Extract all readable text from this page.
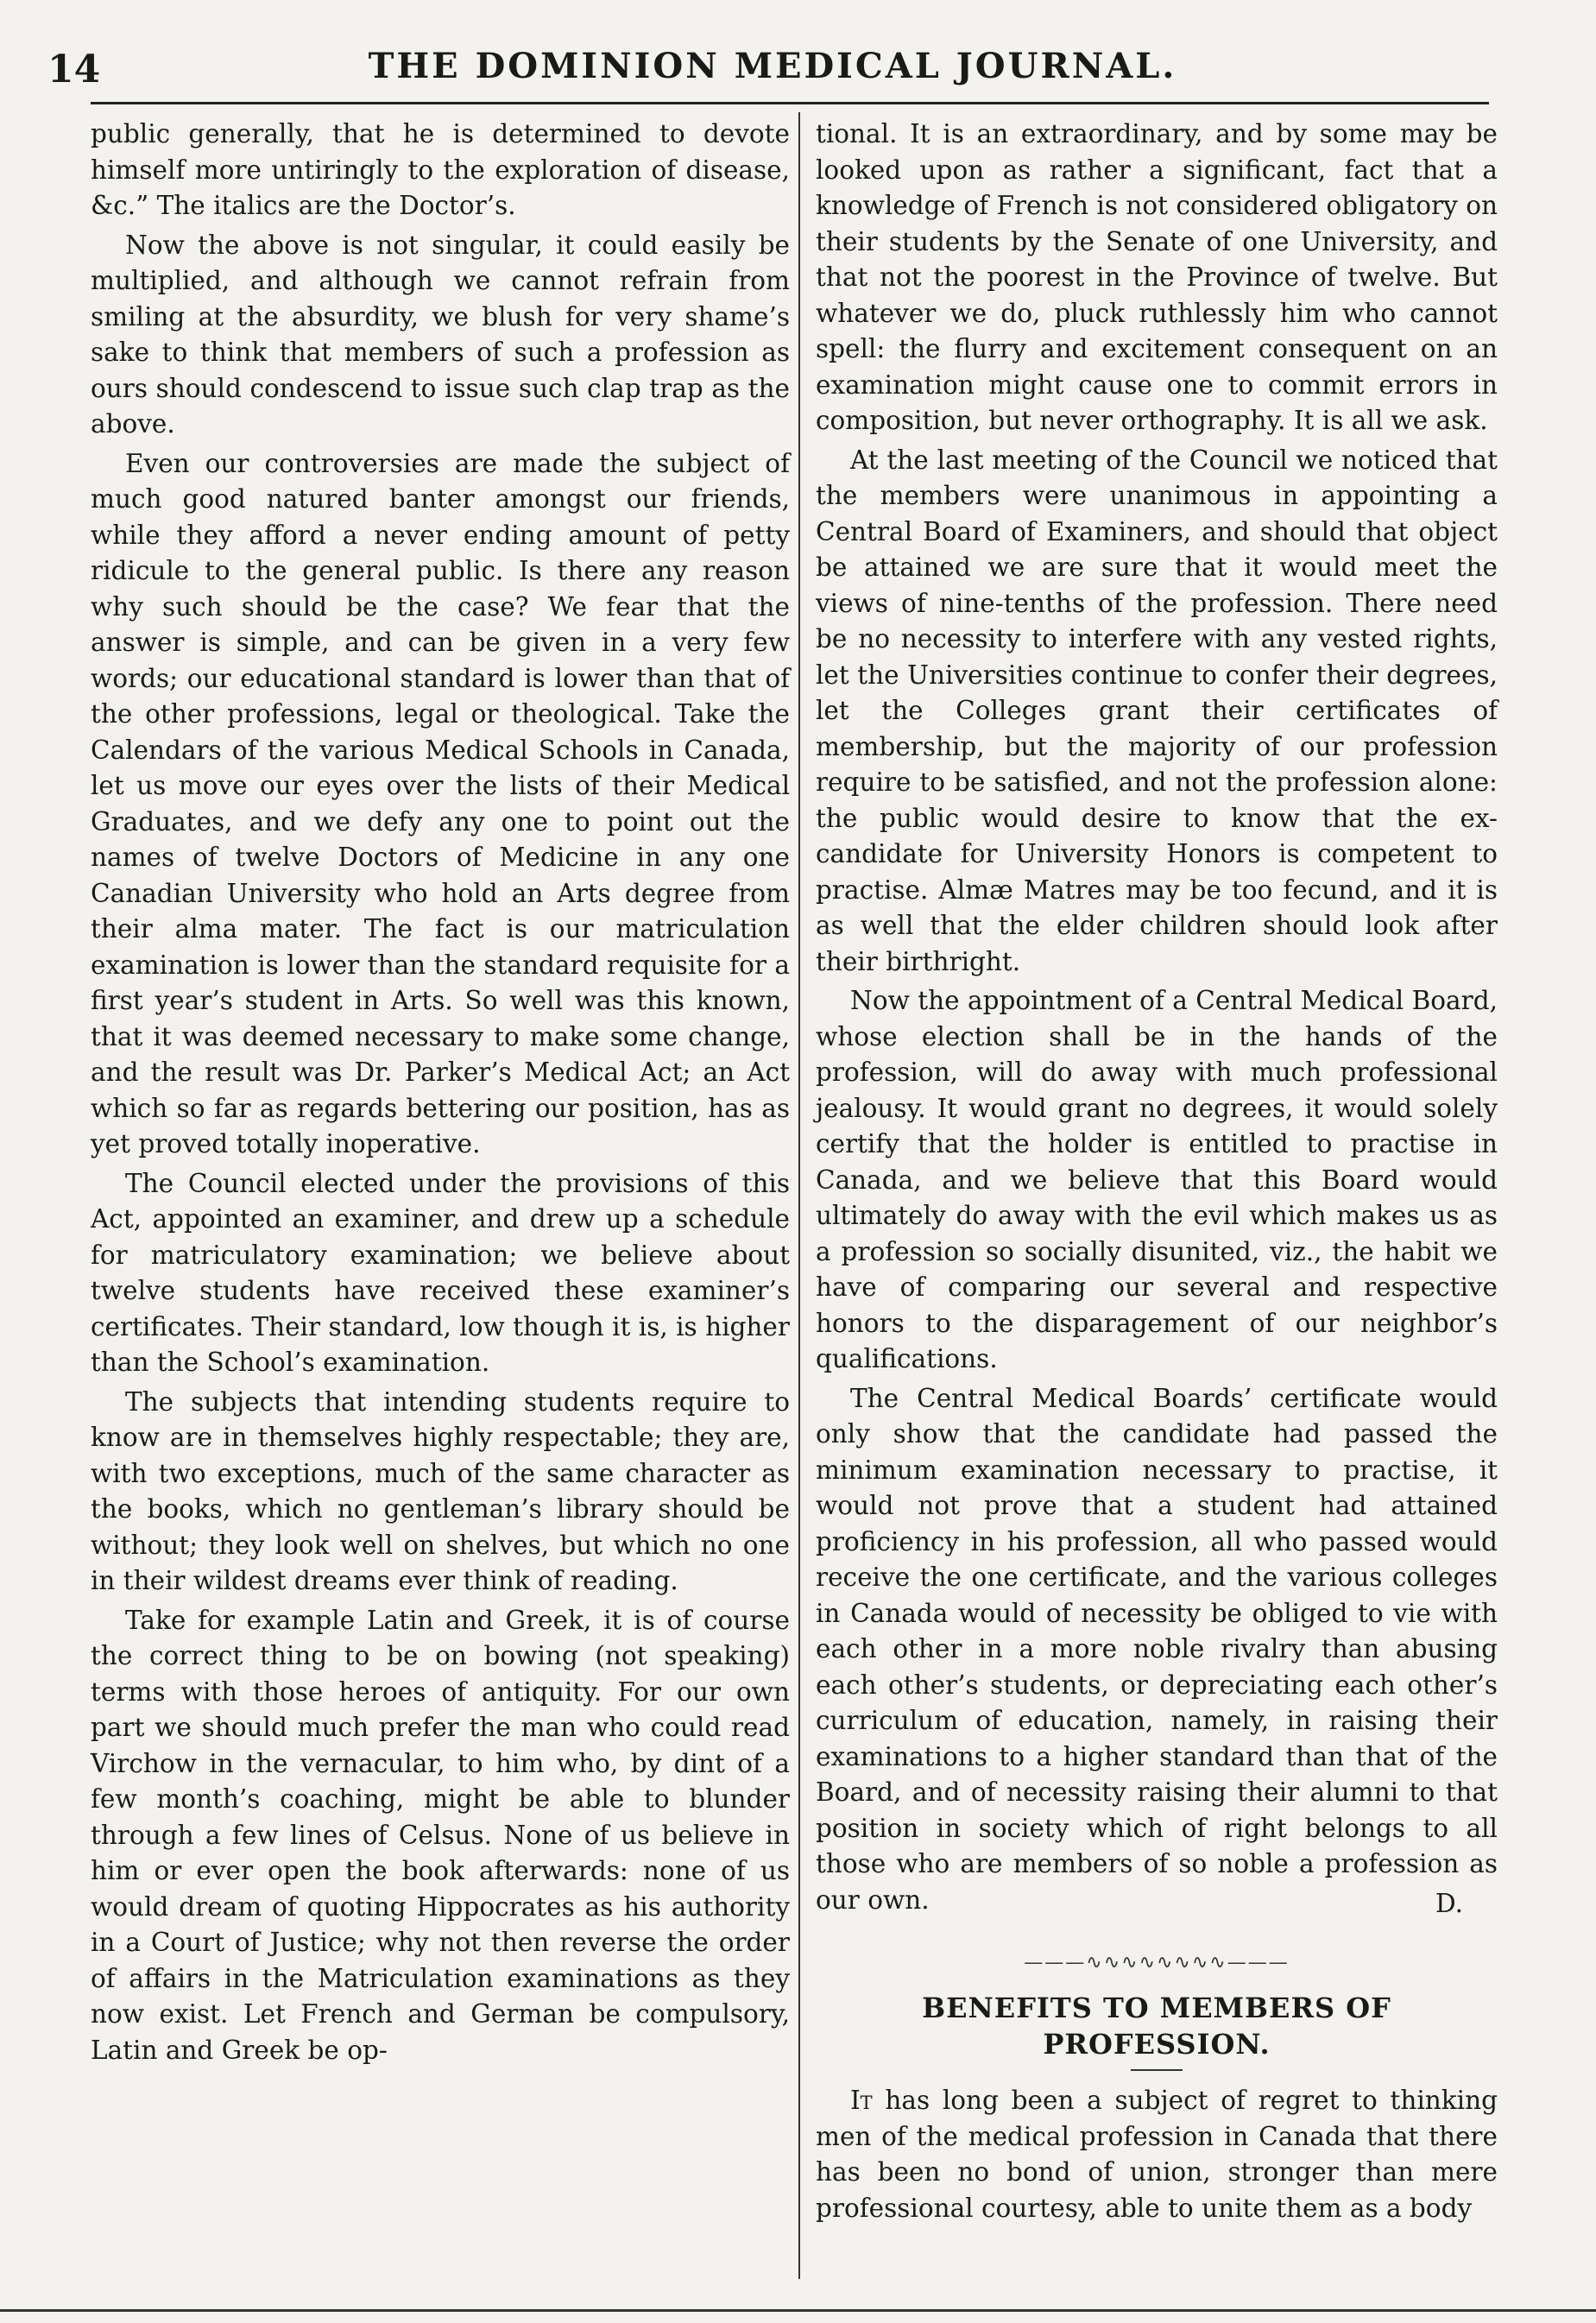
14	THE DOMINION MEDICAL JOURNAL.

public generally, that he is determined to devote himself more untiringly to the exploration of disease, &c.” The italics are the Doctor’s.

Now the above is not singular, it could easily be multiplied, and although we cannot refrain from smiling at the absurdity, we blush for very shame’s sake to think that members of such a profession as ours should condescend to issue such clap trap as the above.

Even our controversies are made the subject of much good natured banter amongst our friends, while they afford a never ending amount of petty ridicule to the general public. Is there any reason why such should be the case? We fear that the answer is simple, and can be given in a very few words; our educational standard is lower than that of the other professions, legal or theological. Take the Calendars of the various Medical Schools in Canada, let us move our eyes over the lists of their Medical Graduates, and we defy any one to point out the names of twelve Doctors of Medicine in any one Canadian University who hold an Arts degree from their alma mater. The fact is our matriculation examination is lower than the standard requisite for a first year’s student in Arts. So well was this known, that it was deemed necessary to make some change, and the result was Dr. Parker’s Medical Act; an Act which so far as regards bettering our position, has as yet proved totally inoperative.

The Council elected under the provisions of this Act, appointed an examiner, and drew up a schedule for matriculatory examination; we believe about twelve students have received these examiner’s certificates. Their standard, low though it is, is higher than the School’s examination.

The subjects that intending students require to know are in themselves highly respectable; they are, with two exceptions, much of the same character as the books, which no gentleman’s library should be without; they look well on shelves, but which no one in their wildest dreams ever think of reading.

Take for example Latin and Greek, it is of course the correct thing to be on bowing (not speaking) terms with those heroes of antiquity. For our own part we should much prefer the man who could read Virchow in the vernacular, to him who, by dint of a few month’s coaching, might be able to blunder through a few lines of Celsus. None of us believe in him or ever open the book afterwards: none of us would dream of quoting Hippocrates as his authority in a Court of Justice; why not then reverse the order of affairs in the Matriculation examinations as they now exist. Let French and German be compulsory, Latin and Greek be op-

tional. It is an extraordinary, and by some may be looked upon as rather a significant, fact that a knowledge of French is not considered obligatory on their students by the Senate of one University, and that not the poorest in the Province of twelve. But whatever we do, pluck ruthlessly him who cannot spell: the flurry and excitement consequent on an examination might cause one to commit errors in composition, but never orthography. It is all we ask.

At the last meeting of the Council we noticed that the members were unanimous in appointing a Central Board of Examiners, and should that object be attained we are sure that it would meet the views of nine-tenths of the profession. There need be no necessity to interfere with any vested rights, let the Universities continue to confer their degrees, let the Colleges grant their certificates of membership, but the majority of our profession require to be satisfied, and not the profession alone: the public would desire to know that the ex-candidate for University Honors is competent to practise. Almæ Matres may be too fecund, and it is as well that the elder children should look after their birthright.

Now the appointment of a Central Medical Board, whose election shall be in the hands of the profession, will do away with much professional jealousy. It would grant no degrees, it would solely certify that the holder is entitled to practise in Canada, and we believe that this Board would ultimately do away with the evil which makes us as a profession so socially disunited, viz., the habit we have of comparing our several and respective honors to the disparagement of our neighbor’s qualifications.

The Central Medical Boards’ certificate would only show that the candidate had passed the minimum examination necessary to practise, it would not prove that a student had attained proficiency in his profession, all who passed would receive the one certificate, and the various colleges in Canada would of necessity be obliged to vie with each other in a more noble rivalry than abusing each other’s students, or depreciating each other’s curriculum of education, namely, in raising their examinations to a higher standard than that of the Board, and of necessity raising their alumni to that position in society which of right belongs to all those who are members of so noble a profession as our own.	D.
———∿∿∿∿∿∿∿∿———
BENEFITS TO MEMBERS OF PROFESSION.

It has long been a subject of regret to thinking men of the medical profession in Canada that there has been no bond of union, stronger than mere professional courtesy, able to unite them as a body
